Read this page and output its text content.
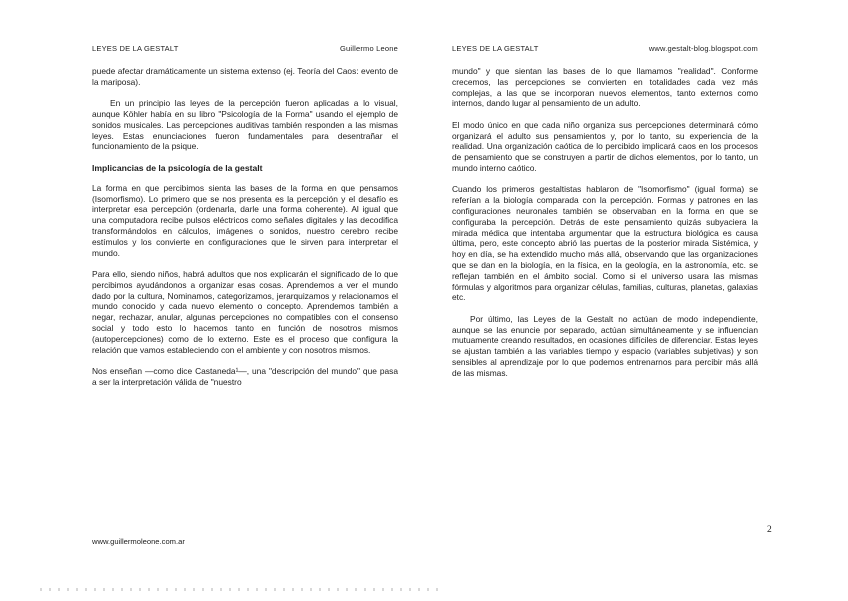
LEYES DE LA GESTALT	Guillermo Leone

puede afectar dramáticamente un sistema extenso (ej. Teoría del Caos: evento de la mariposa).

En un principio las leyes de la percepción fueron aplicadas a lo visual, aunque Köhler había en su libro "Psicología de la Forma" usando el ejemplo de sonidos musicales. Las percepciones auditivas también responden a las mismas leyes. Estas enunciaciones fueron fundamentales para desentrañar el funcionamiento de la psique.

Implicancias de la psicología de la gestalt

La forma en que percibimos sienta las bases de la forma en que pensamos (Isomorfismo). Lo primero que se nos presenta es la percepción y el desafío es interpretar esa percepción (ordenarla, darle una forma coherente). Al igual que una computadora recibe pulsos eléctricos como señales digitales y las decodifica transformándolos en cálculos, imágenes o sonidos, nuestro cerebro recibe estímulos y los convierte en configuraciones que le sirven para interpretar el mundo.

Para ello, siendo niños, habrá adultos que nos explicarán el significado de lo que percibimos ayudándonos a organizar esas cosas. Aprendemos a ver el mundo dado por la cultura, Nominamos, categorizamos, jerarquizamos y relacionamos el mundo conocido y cada nuevo elemento o concepto. Aprendemos también a negar, rechazar, anular, algunas percepciones no compatibles con el consenso social y todo esto lo hacemos tanto en función de nosotros mismos (autopercepciones) como de lo externo. Este es el proceso que configura la relación que vamos estableciendo con el ambiente y con nosotros mismos.

Nos enseñan —como dice Castaneda¹—, una "descripción del mundo" que pasa a ser la interpretación válida de "nuestro

LEYES DE LA GESTALT	www.gestalt-blog.blogspot.com

mundo" y que sientan las bases de lo que llamamos "realidad". Conforme crecemos, las percepciones se convierten en totalidades cada vez más complejas, a las que se incorporan nuevos elementos, tanto externos como internos, dando lugar al pensamiento de un adulto.

El modo único en que cada niño organiza sus percepciones determinará cómo organizará el adulto sus pensamientos y, por lo tanto, su experiencia de la realidad. Una organización caótica de lo percibido implicará caos en los procesos de pensamiento que se construyen a partir de dichos elementos, por lo tanto, un mundo interno caótico.

Cuando los primeros gestaltistas hablaron de "Isomorfismo" (igual forma) se referían a la biología comparada con la percepción. Formas y patrones en las configuraciones neuronales también se observaban en la forma en que se configuraba la percepción. Detrás de este pensamiento quizás subyaciera la mirada médica que intentaba argumentar que la estructura biológica es causa última, pero, este concepto abrió las puertas de la posterior mirada Sistémica, y hoy en día, se ha extendido mucho más allá, observando que las organizaciones que se dan en la biología, en la física, en la geología, en la astronomía, etc. se reflejan también en el ámbito social. Como si el universo usara las mismas fórmulas y algoritmos para organizar células, familias, culturas, planetas, galaxias etc.

Por último, las Leyes de la Gestalt no actúan de modo independiente, aunque se las enuncie por separado, actúan simultáneamente y se influencian mutuamente creando resultados, en ocasiones difíciles de diferenciar. Estas leyes se ajustan también a las variables tiempo y espacio (variables subjetivas) y son sensibles al aprendizaje por lo que podemos entrenarnos para percibir más allá de las mismas.

www.guillermoleone.com.ar
2
